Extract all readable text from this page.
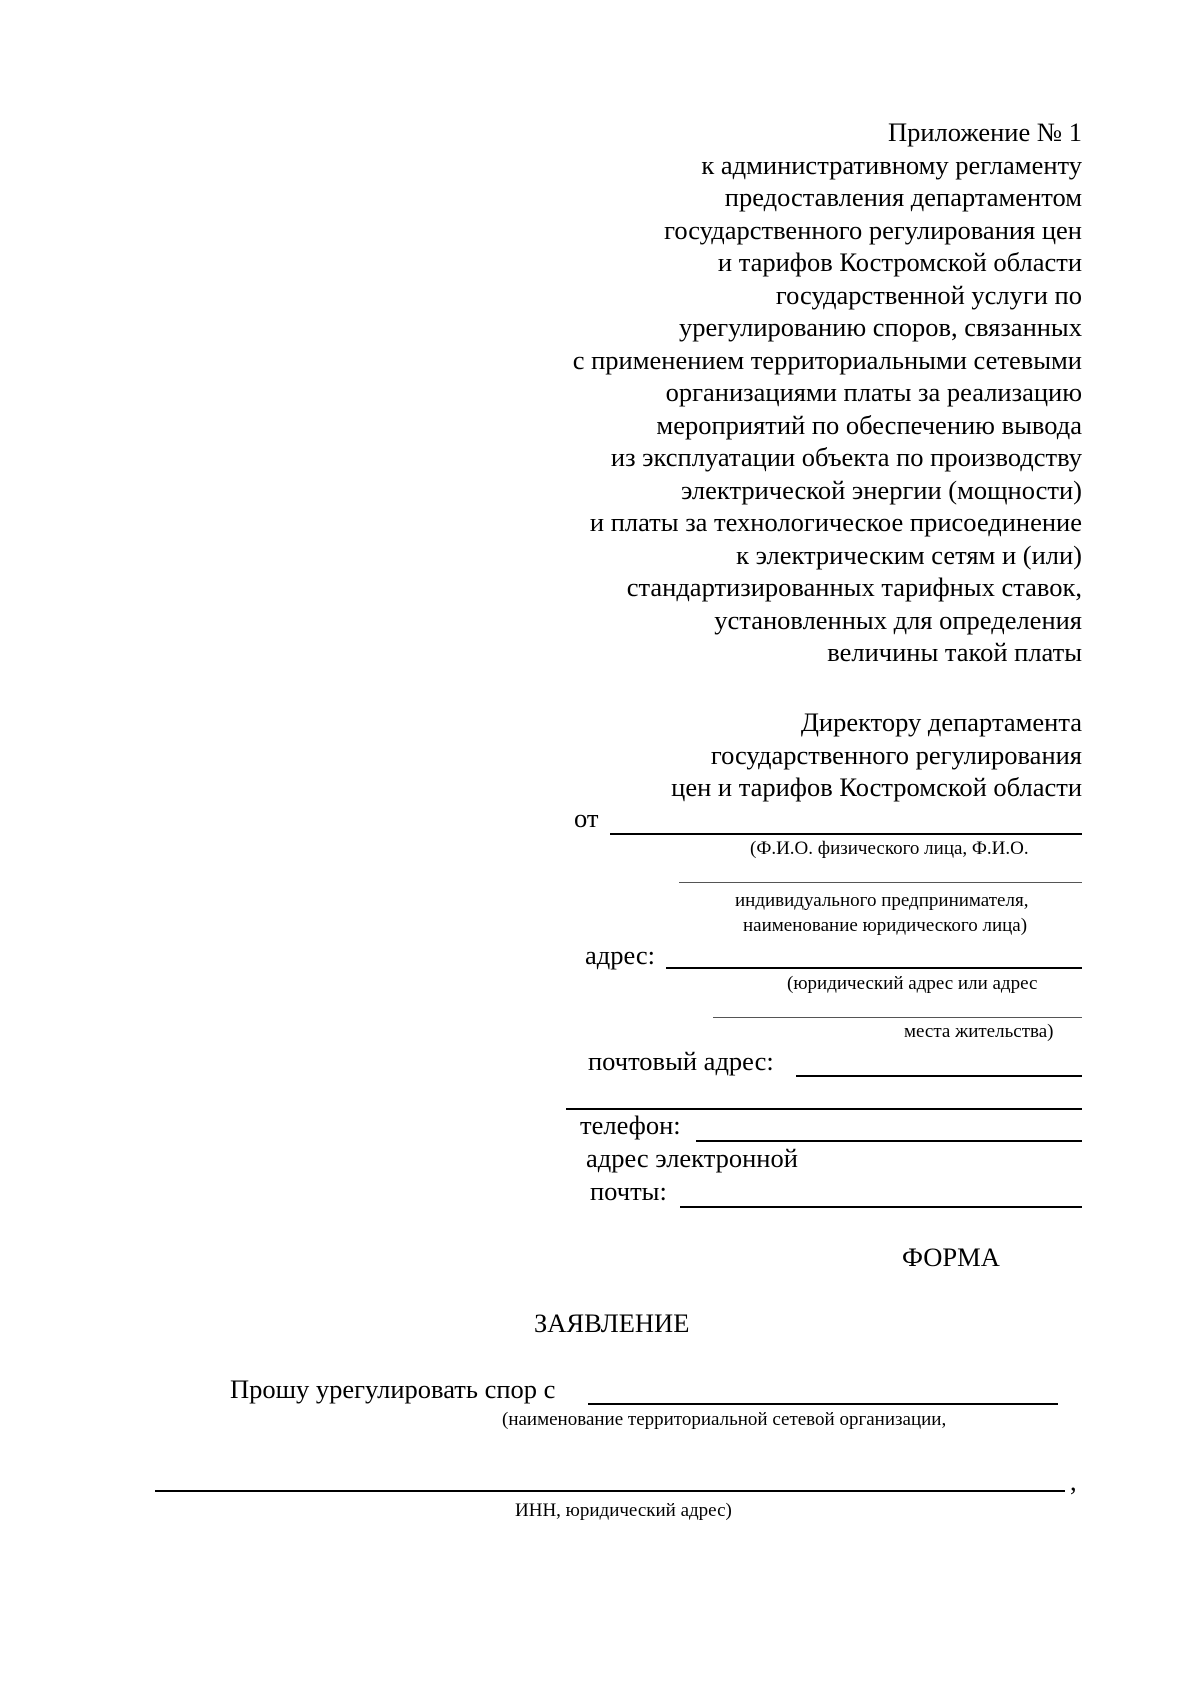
Приложение № 1
к административному регламенту
предоставления департаментом
государственного регулирования цен
и тарифов Костромской области
государственной услуги по
урегулированию споров, связанных
с применением территориальными сетевыми
организациями платы за реализацию
мероприятий по обеспечению вывода
из эксплуатации объекта по производству
электрической энергии (мощности)
и платы за технологическое присоединение
к электрическим сетям и (или)
стандартизированных тарифных ставок,
установленных для определения
величины такой платы
Директору департамента
государственного регулирования
цен и тарифов Костромской области
от
(Ф.И.О. физического лица, Ф.И.О.
индивидуального предпринимателя,
наименование юридического лица)
адрес:
(юридический адрес или адрес
места жительства)
почтовый адрес:
телефон:
адрес электронной
почты:
ФОРМА
ЗАЯВЛЕНИЕ
Прошу урегулировать спор с
(наименование территориальной сетевой организации,
,
ИНН, юридический адрес)
